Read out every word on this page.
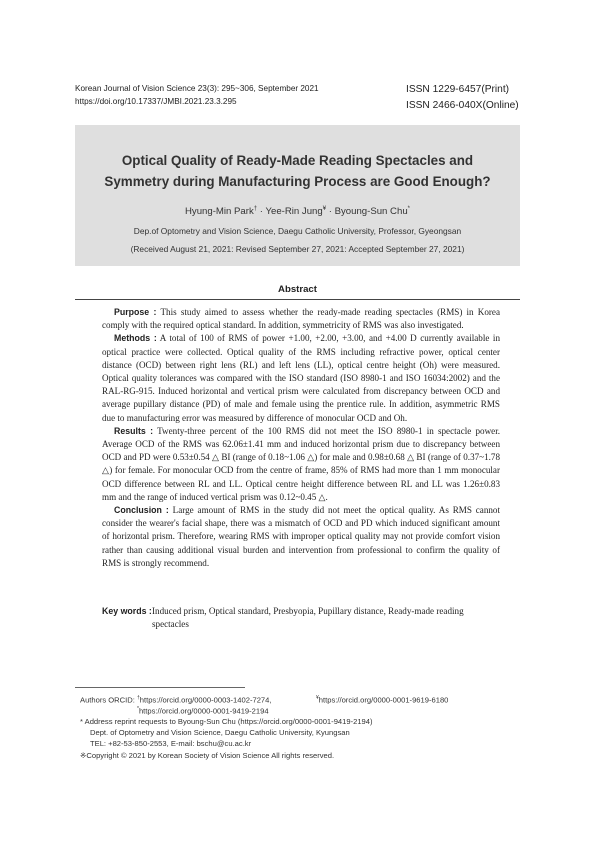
Korean Journal of Vision Science 23(3): 295~306, September 2021
https://doi.org/10.17337/JMBI.2021.23.3.295
ISSN 1229-6457(Print)
ISSN 2466-040X(Online)
Optical Quality of Ready-Made Reading Spectacles and
Symmetry during Manufacturing Process are Good Enough?
Hyung-Min Park† · Yee-Rin Jung¥ · Byoung-Sun Chu*
Dep.of Optometry and Vision Science, Daegu Catholic University, Professor, Gyeongsan
(Received August 21, 2021: Revised September 27, 2021: Accepted September 27, 2021)
Abstract

Purpose : This study aimed to assess whether the ready-made reading spectacles (RMS) in Korea comply with the required optical standard. In addition, symmetricity of RMS was also investigated.

Methods : A total of 100 of RMS of power +1.00, +2.00, +3.00, and +4.00 D currently available in optical practice were collected. Optical quality of the RMS including refractive power, optical center distance (OCD) between right lens (RL) and left lens (LL), optical centre height (Oh) were measured. Optical quality tolerances was compared with the ISO standard (ISO 8980-1 and ISO 16034:2002) and the RAL-RG-915. Induced horizontal and vertical prism were calculated from discrepancy between OCD and average pupillary distance (PD) of male and female using the prentice rule. In addition, asymmetric RMS due to manufacturing error was measured by difference of monocular OCD and Oh.

Results : Twenty-three percent of the 100 RMS did not meet the ISO 8980-1 in spectacle power. Average OCD of the RMS was 62.06±1.41 mm and induced horizontal prism due to discrepancy between OCD and PD were 0.53±0.54 △ BI (range of 0.18~1.06 △) for male and 0.98±0.68 △ BI (range of 0.37~1.78 △) for female. For monocular OCD from the centre of frame, 85% of RMS had more than 1 mm monocular OCD difference between RL and LL. Optical centre height difference between RL and LL was 1.26±0.83 mm and the range of induced vertical prism was 0.12~0.45 △.

Conclusion : Large amount of RMS in the study did not meet the optical quality. As RMS cannot consider the wearer's facial shape, there was a mismatch of OCD and PD which induced significant amount of horizontal prism. Therefore, wearing RMS with improper optical quality may not provide comfort vision rather than causing additional visual burden and intervention from professional to confirm the quality of RMS is strongly recommend.

Key words : Induced prism, Optical standard, Presbyopia, Pupillary distance, Ready-made reading spectacles
Authors ORCID: †https://orcid.org/0000-0003-1402-7274,	¥https://orcid.org/0000-0001-9619-6180
*https://orcid.org/0000-0001-9419-2194
* Address reprint requests to Byoung-Sun Chu (https://orcid.org/0000-0001-9419-2194)
Dept. of Optometry and Vision Science, Daegu Catholic University, Kyungsan
TEL: +82-53-850-2553, E-mail: bschu@cu.ac.kr
※Copyright © 2021 by Korean Society of Vision Science All rights reserved.
